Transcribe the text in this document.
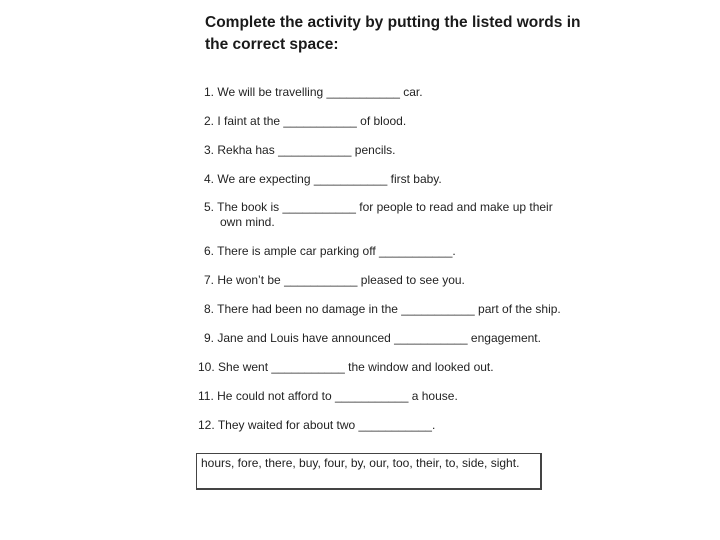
Complete the activity by putting the listed words in
the correct space:
1. We will be travelling ___________ car.
2. I faint at the ___________ of blood.
3. Rekha has ___________ pencils.
4. We are expecting ___________ first baby.
5. The book is ___________ for people to read and make up their
own mind.
6. There is ample car parking off ___________.
7. He won’t be ___________ pleased to see you.
8. There had been no damage in the ___________ part of the ship.
9. Jane and Louis have announced ___________ engagement.
10. She went ___________ the window and looked out.
11. He could not afford to ___________ a house.
12. They waited for about two ___________.
hours, fore, there, buy, four, by, our, too, their, to, side, sight.
